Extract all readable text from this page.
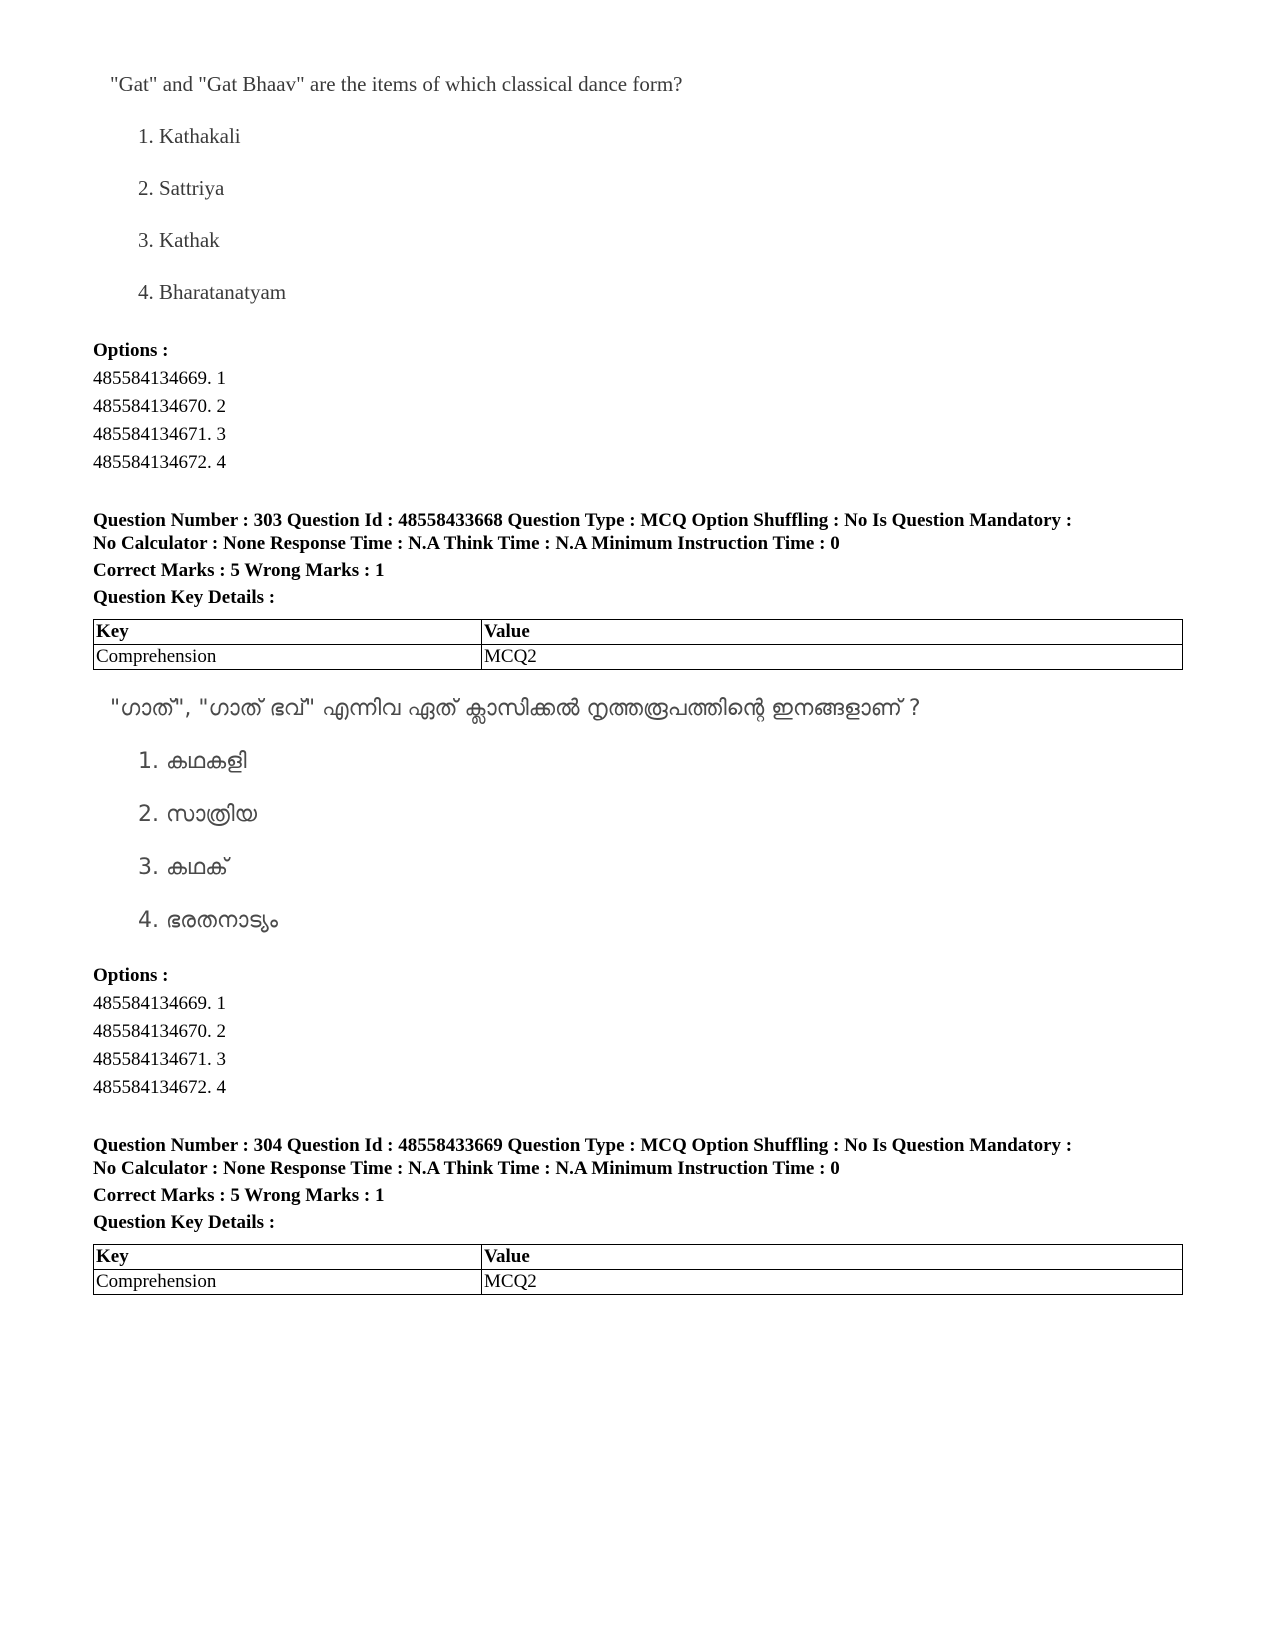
"Gat" and "Gat Bhaav" are the items of which classical dance form?
1. Kathakali
2. Sattriya
3. Kathak
4. Bharatanatyam
Options :
485584134669. 1
485584134670. 2
485584134671. 3
485584134672. 4
Question Number : 303 Question Id : 48558433668 Question Type : MCQ Option Shuffling : No Is Question Mandatory :
No Calculator : None Response Time : N.A Think Time : N.A Minimum Instruction Time : 0
Correct Marks : 5 Wrong Marks : 1
Question Key Details :
Key	Value
Comprehension	MCQ2
"ഗാത്", "ഗാത് ഭവ്" എന്നിവ ഏത് ക്ലാസിക്കൽ നൃത്തരൂപത്തിന്റെ ഇനങ്ങളാണ് ?
1. കഥകളി
2. സാത്രിയ
3. കഥക്
4. ഭരതനാട്യം
Options :
485584134669. 1
485584134670. 2
485584134671. 3
485584134672. 4
Question Number : 304 Question Id : 48558433669 Question Type : MCQ Option Shuffling : No Is Question Mandatory :
No Calculator : None Response Time : N.A Think Time : N.A Minimum Instruction Time : 0
Correct Marks : 5 Wrong Marks : 1
Question Key Details :
Key	Value
Comprehension	MCQ2
